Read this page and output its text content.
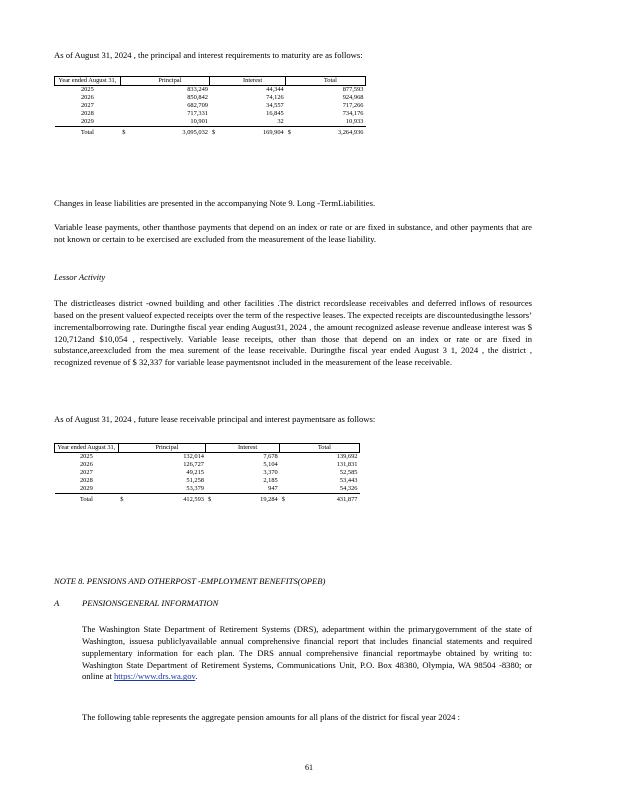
As of August 31, 2024 , the principal and interest requirements to maturity are as follows:

Year ended August 31,		Principal		Interest		Total
2025		833,249		44,344		877,593
2026		850,842		74,126		924,968
2027		682,709		34,557		717,266
2028		717,331		16,845		734,176
2029		10,901		32		10,933
Total	$	3,095,032	$	169,904	$	3,264,936

Changes in lease liabilities are presented in the accompanying Note 9. Long -TermLiabilities.

Variable lease payments, other thanthose payments that depend on an index or rate or are fixed in substance, and other payments that are not known or certain to be exercised are excluded from the measurement of the lease liability.

Lessor Activity

The districtleases district -owned building and other facilities .The district recordslease receivables and deferred inflows of resources based on the present valueof expected receipts over the term of the respective leases. The expected receipts are discountedusingthe lessors’ incrementalborrowing rate. Duringthe fiscal year ending August31, 2024 , the amount recognized aslease revenue andlease interest was $ 120,712and $10,054 , respectively. Variable lease receipts, other than those that depend on an index or rate or are fixed in substance,areexcluded from the mea surement of the lease receivable. Duringthe fiscal year ended August 3 1, 2024 , the district , recognized revenue of $ 32,337 for variable lease paymentsnot included in the measurement of the lease receivable.

As of August 31, 2024 , future lease receivable principal and interest paymentsare as follows:

Year ended August 31,		Principal		Interest		Total
2025		132,014		7,678		139,692
2026		126,727		5,104		131,831
2027		49,215		3,370		52,585
2028		51,258		2,185		53,443
2029		53,379		947		54,326
Total	$	412,593	$	19,284	$	431,877
NOTE 8. PENSIONS AND OTHERPOST -EMPLOYMENT BENEFITS(OPEB)
A	PENSIONSGENERAL INFORMATION

The Washington State Department of Retirement Systems (DRS), adepartment within the primarygovernment of the state of Washington, issuesa publiclyavailable annual comprehensive financial report that includes financial statements and required supplementary information for each plan. The DRS annual comprehensive financial reportmaybe obtained by writing to: Washington State Department of Retirement Systems, Communications Unit, P.O. Box 48380, Olympia, WA 98504 -8380; or online at https://www.drs.wa.gov.

The following table represents the aggregate pension amounts for all plans of the district for fiscal year 2024 :

61
